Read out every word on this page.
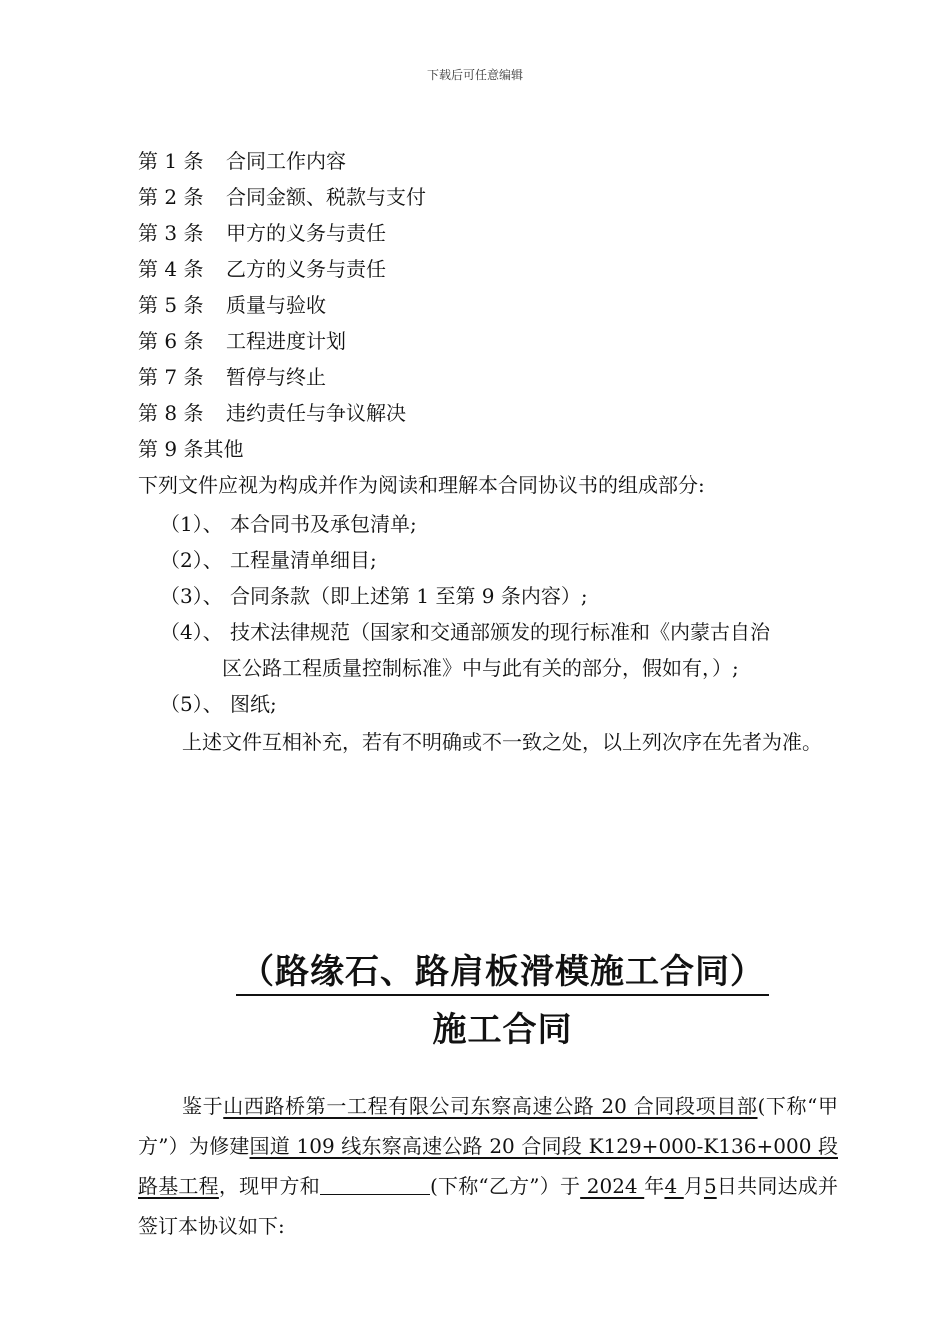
下载后可任意编辑
第 1 条 合同工作内容
第 2 条 合同金额、税款与支付
第 3 条 甲方的义务与责任
第 4 条 乙方的义务与责任
第 5 条 质量与验收
第 6 条 工程进度计划
第 7 条 暂停与终止
第 8 条 违约责任与争议解决
第 9 条其他
下列文件应视为构成并作为阅读和理解本合同协议书的组成部分:
（1）、 本合同书及承包清单;
（2）、 工程量清单细目;
（3）、 合同条款（即上述第 1 至第 9 条内容）;
（4）、 技术法律规范（国家和交通部颁发的现行标准和《内蒙古自治
区公路工程质量控制标准》中与此有关的部分，假如有，）;
（5）、 图纸;

上述文件互相补充，若有不明确或不一致之处，以上列次序在先者为准。

（路缘石、路肩板滑模施工合同）
施工合同

鉴于山西路桥第一工程有限公司东察高速公路 20 合同段项目部(下称“甲方”）为修建国道 109 线东察高速公路 20 合同段 K129+000-K136+000 段路基工程，现甲方和	(下称“乙方”）于 2024 年4 月5日共同达成并签订本协议如下:
